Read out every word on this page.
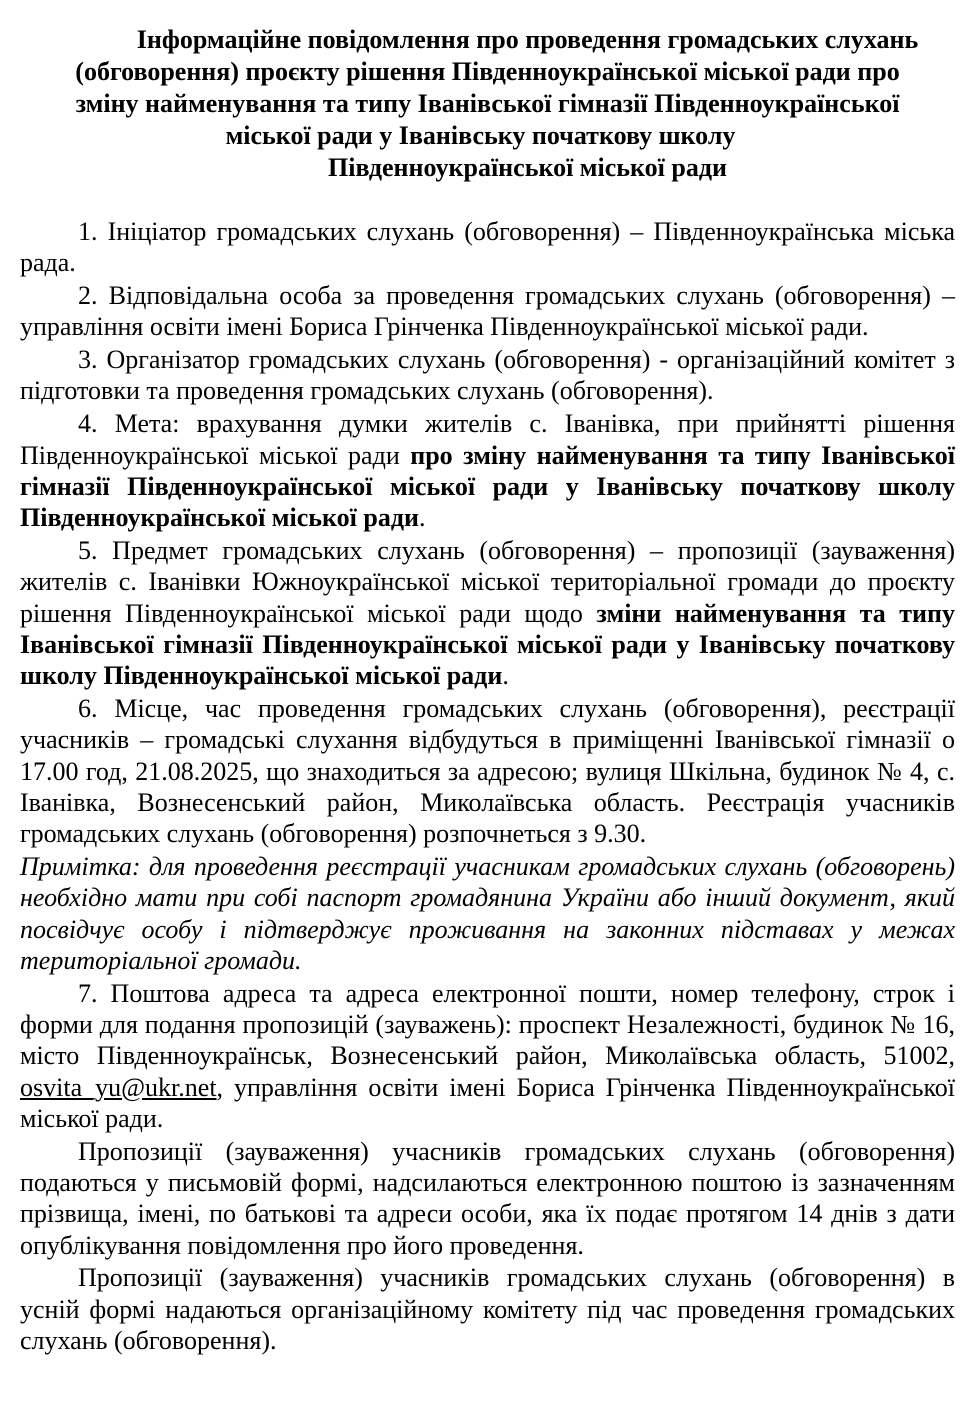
Інформаційне повідомлення про проведення громадських слухань
(обговорення) проєкту рішення Південноукраїнської міської ради про
зміну найменування та типу Іванівської гімназії Південноукраїнської
міської ради у Іванівську початкову школу
Південноукраїнської міської ради

1. Ініціатор громадських слухань (обговорення) – Південноукраїнська міська рада.

2. Відповідальна особа за проведення громадських слухань (обговорення) – управління освіти імені Бориса Грінченка Південноукраїнської міської ради.

3. Організатор громадських слухань (обговорення) - організаційний комітет з підготовки та проведення громадських слухань (обговорення).

4. Мета: врахування думки жителів с. Іванівка, при прийнятті рішення Південноукраїнської міської ради про зміну найменування та типу Іванівської гімназії Південноукраїнської міської ради у Іванівську початкову школу Південноукраїнської міської ради.

5. Предмет громадських слухань (обговорення) – пропозиції (зауваження) жителів с. Іванівки Южноукраїнської міської територіальної громади до проєкту рішення Південноукраїнської міської ради щодо зміни найменування та типу Іванівської гімназії Південноукраїнської міської ради у Іванівську початкову школу Південноукраїнської міської ради.

6. Місце, час проведення громадських слухань (обговорення), реєстрації учасників – громадські слухання відбудуться в приміщенні Іванівської гімназії о 17.00 год, 21.08.2025, що знаходиться за адресою; вулиця Шкільна, будинок № 4, с. Іванівка, Вознесенський район, Миколаївська область. Реєстрація учасників громадських слухань (обговорення) розпочнеться з 9.30.

Примітка: для проведення реєстрації учасникам громадських слухань (обговорень) необхідно мати при собі паспорт громадянина України або інший документ, який посвідчує особу і підтверджує проживання на законних підставах у межах територіальної громади.

7. Поштова адреса та адреса електронної пошти, номер телефону, строк і форми для подання пропозицій (зауважень): проспект Незалежності, будинок № 16, місто Південноукраїнськ, Вознесенський район, Миколаївська область, 51002, osvita_yu@ukr.net, управління освіти імені Бориса Грінченка Південноукраїнської міської ради.

Пропозиції (зауваження) учасників громадських слухань (обговорення) подаються у письмовій формі, надсилаються електронною поштою із зазначенням прізвища, імені, по батькові та адреси особи, яка їх подає протягом 14 днів з дати опублікування повідомлення про його проведення.

Пропозиції (зауваження) учасників громадських слухань (обговорення) в усній формі надаються організаційному комітету під час проведення громадських слухань (обговорення).
